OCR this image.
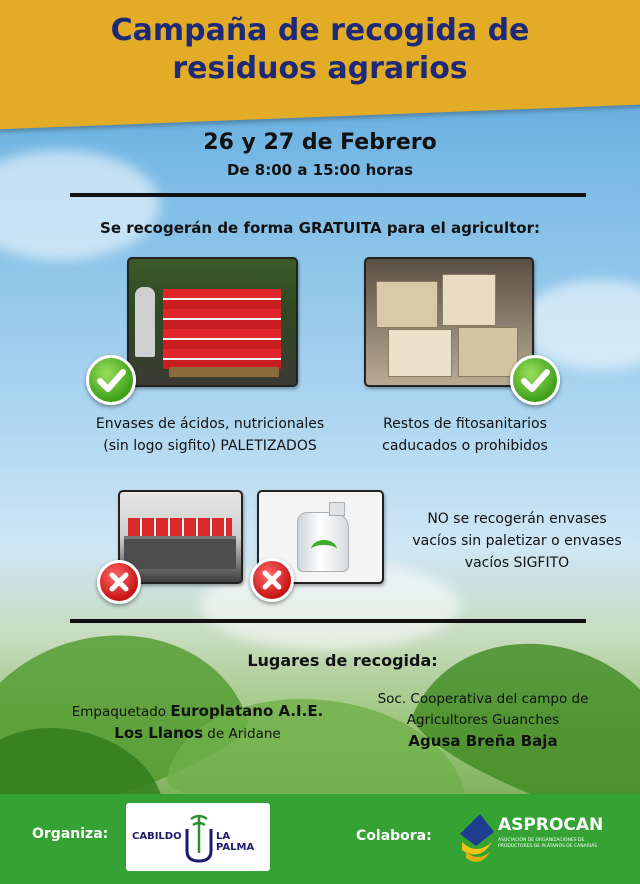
Campaña de recogida de
residuos agrarios
26 y 27 de Febrero
De 8:00 a 15:00 horas
Se recogerán de forma GRATUITA para el agricultor:
Envases de ácidos, nutricionales
(sin logo sigfito) PALETIZADOS
Restos de fitosanitarios
caducados o prohibidos
NO se recogerán envases
vacíos sin paletizar o envases
vacíos SIGFITO
Lugares de recogida:
Empaquetado Europlatano A.I.E.
Los Llanos de Aridane
Soc. Cooperativa del campo de
Agricultores Guanches
Agusa Breña Baja
Organiza: CABILDO	LA PALMA
Colabora:
ASPROCAN
ASOCIACIÓN DE ORGANIZACIONES DE PRODUCTORES DE PLÁTANOS DE CANARIAS
